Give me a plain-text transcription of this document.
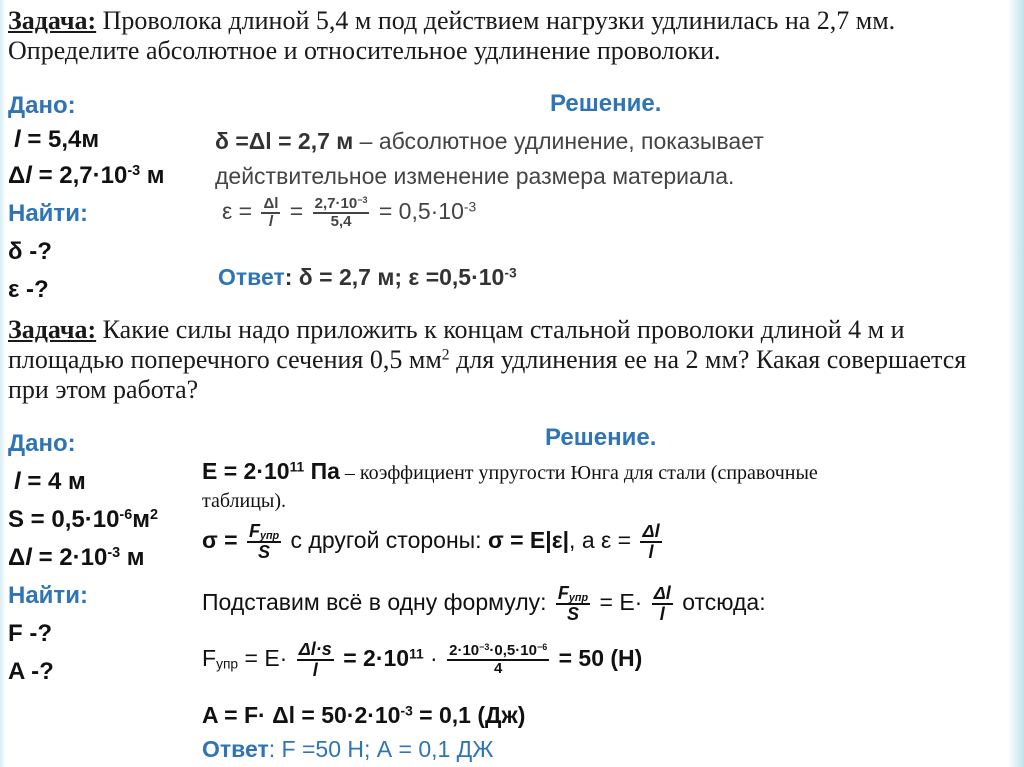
Задача: Проволока длиной 5,4 м под действием нагрузки удлинилась на 2,7 мм. Определите абсолютное и относительное удлинение проволоки.
Дано:
l = 5,4м
$\Delta l = 2,7\cdot 10^{-3}$ м
Найти:
δ -?
ε -?
Решение.
δ =Δl = 2,7 м – абсолютное удлинение, показывает
действительное изменение размера материала.
$\varepsilon = \frac{\Delta l}{l} = \frac{2,7\cdot 10^{-3}}{5,4} = 0,5\cdot 10^{-3}$
Ответ: δ = 2,7 м; $\varepsilon =0,5\cdot 10^{-3}$
Задача: Какие силы надо приложить к концам стальной проволоки длиной 4 м и площадью поперечного сечения 0,5 $мм^2$ для удлинения ее на 2 мм? Какая совершается при этом работа?
Дано:
l = 4 м
$S = 0,5\cdot 10^{-6}м^2$
$\Delta l = 2\cdot 10^{-3}$ м
Найти:
F -?
A -?
Решение.
$E = 2\cdot 10^{11}$ Па – коэффициент упругости Юнга для стали (справочные
таблицы).
$\sigma = \frac{F_{упр}}{S}$ с другой стороны: σ = E|ε|, а $\varepsilon = \frac{\Delta l}{l}$
Подставим всё в одну формулу: $\frac{F_{упр}}{S} = E\cdot \frac{\Delta l}{l}$ отсюда:
$F_{упр} = E\cdot \frac{\Delta l\cdot s}{l} = 2\cdot 10^{11} \cdot \frac{2\cdot 10^{-3}\cdot 0,5\cdot 10^{-6}}{4} = 50$ (Н)
$A = F\cdot \Delta l = 50\cdot 2\cdot 10^{-3} = 0,1$ (Дж)
Ответ: F =50 Н; А = 0,1 ДЖ
